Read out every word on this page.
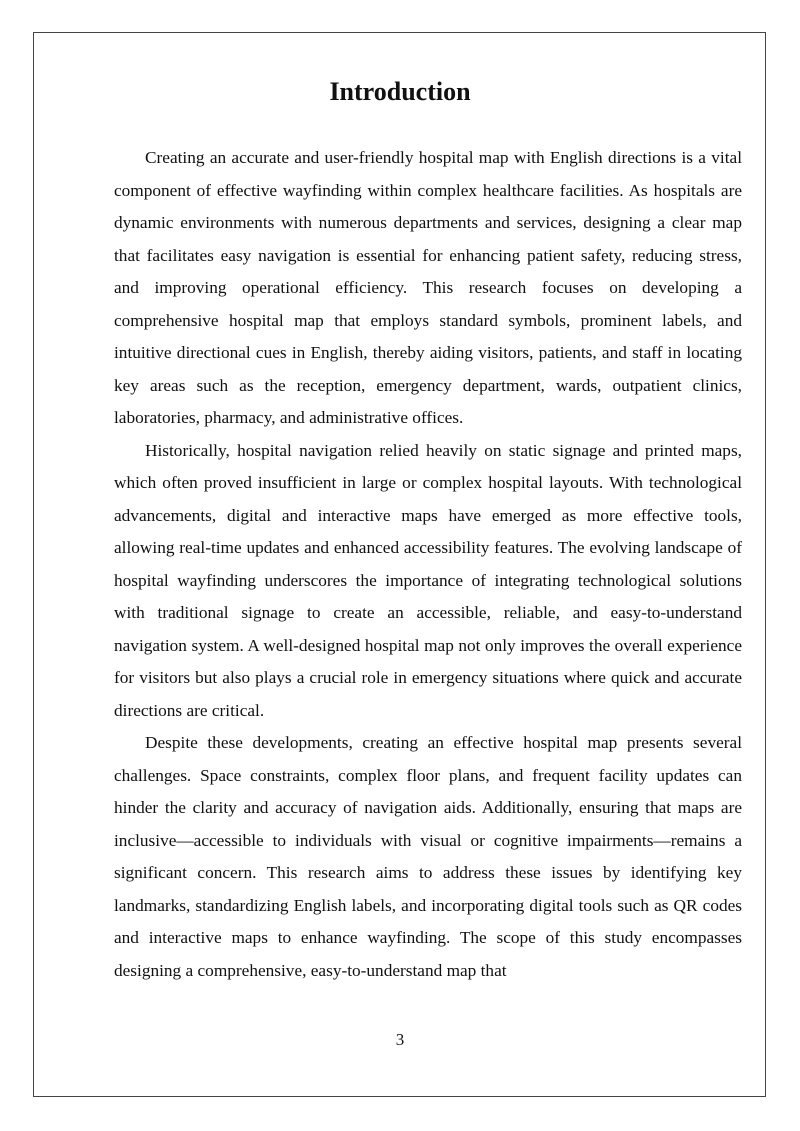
Introduction

Creating an accurate and user-friendly hospital map with English directions is a vital component of effective wayfinding within complex healthcare facilities. As hospitals are dynamic environments with numerous departments and services, designing a clear map that facilitates easy navigation is essential for enhancing patient safety, reducing stress, and improving operational efficiency. This research focuses on developing a comprehensive hospital map that employs standard symbols, prominent labels, and intuitive directional cues in English, thereby aiding visitors, patients, and staff in locating key areas such as the reception, emergency department, wards, outpatient clinics, laboratories, pharmacy, and administrative offices.

Historically, hospital navigation relied heavily on static signage and printed maps, which often proved insufficient in large or complex hospital layouts. With technological advancements, digital and interactive maps have emerged as more effective tools, allowing real-time updates and enhanced accessibility features. The evolving landscape of hospital wayfinding underscores the importance of integrating technological solutions with traditional signage to create an accessible, reliable, and easy-to-understand navigation system. A well-designed hospital map not only improves the overall experience for visitors but also plays a crucial role in emergency situations where quick and accurate directions are critical.

Despite these developments, creating an effective hospital map presents several challenges. Space constraints, complex floor plans, and frequent facility updates can hinder the clarity and accuracy of navigation aids. Additionally, ensuring that maps are inclusive—accessible to individuals with visual or cognitive impairments—remains a significant concern. This research aims to address these issues by identifying key landmarks, standardizing English labels, and incorporating digital tools such as QR codes and interactive maps to enhance wayfinding. The scope of this study encompasses designing a comprehensive, easy-to-understand map that

3
